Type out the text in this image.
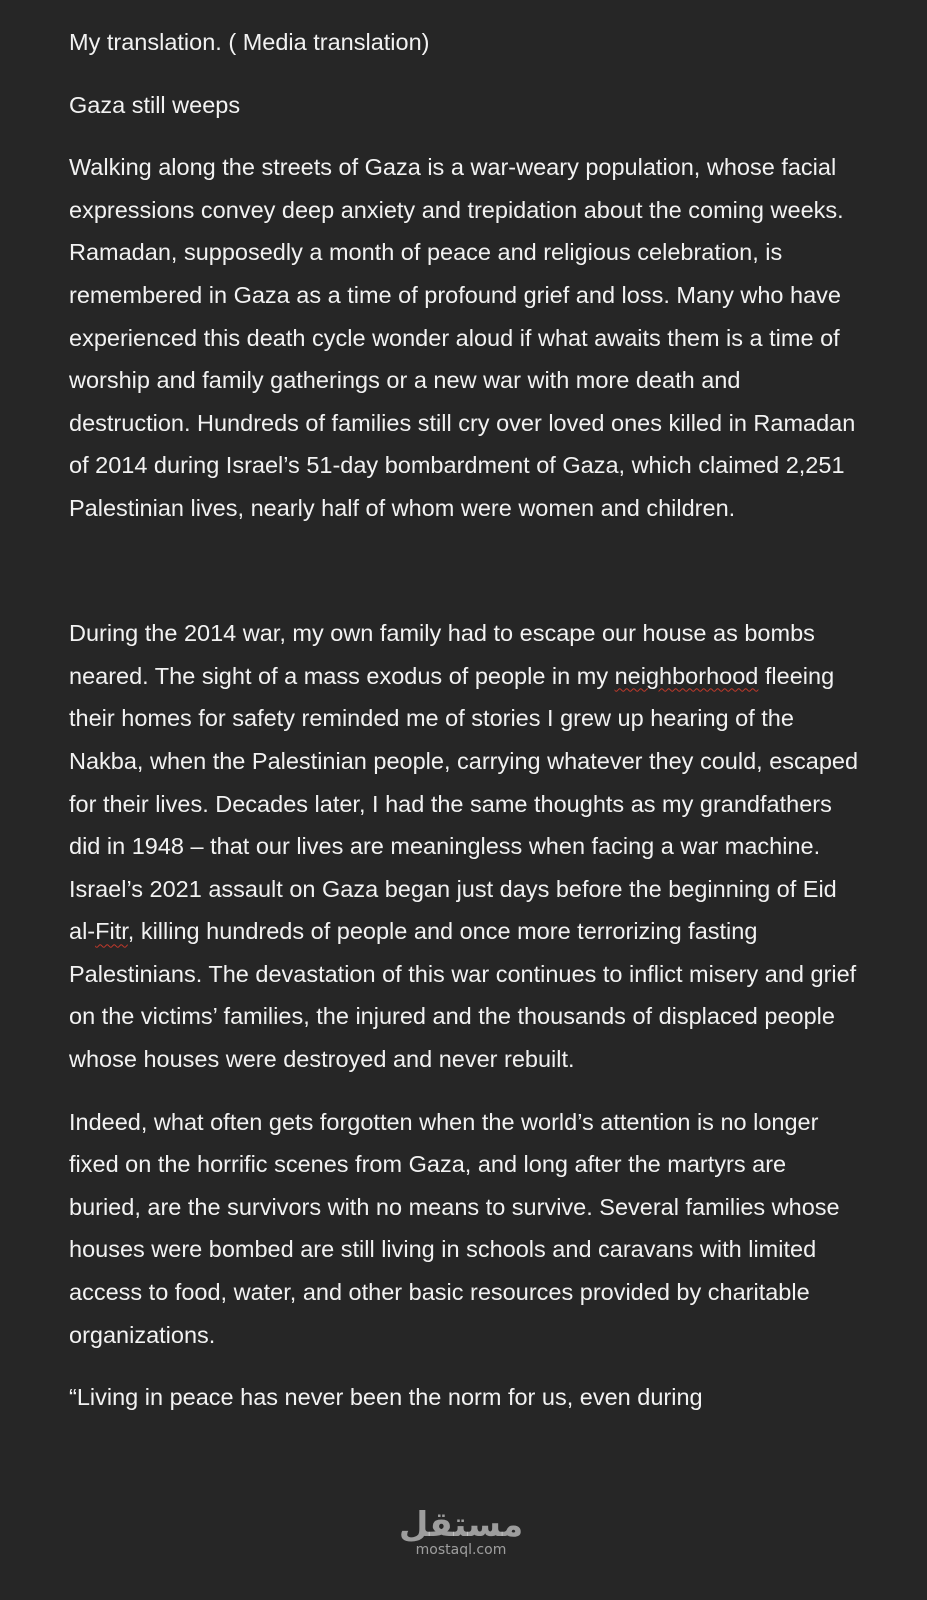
My translation. ( Media translation)

Gaza still weeps

Walking along the streets of Gaza is a war-weary population, whose facial expressions convey deep anxiety and trepidation about the coming weeks. Ramadan, supposedly a month of peace and religious celebration, is remembered in Gaza as a time of profound grief and loss. Many who have experienced this death cycle wonder aloud if what awaits them is a time of worship and family gatherings or a new war with more death and destruction. Hundreds of families still cry over loved ones killed in Ramadan of 2014 during Israel’s 51-day bombardment of Gaza, which claimed 2,251 Palestinian lives, nearly half of whom were women and children.

During the 2014 war, my own family had to escape our house as bombs neared. The sight of a mass exodus of people in my neighborhood fleeing their homes for safety reminded me of stories I grew up hearing of the Nakba, when the Palestinian people, carrying whatever they could, escaped for their lives. Decades later, I had the same thoughts as my grandfathers did in 1948 – that our lives are meaningless when facing a war machine. Israel’s 2021 assault on Gaza began just days before the beginning of Eid al-Fitr, killing hundreds of people and once more terrorizing fasting Palestinians. The devastation of this war continues to inflict misery and grief on the victims’ families, the injured and the thousands of displaced people whose houses were destroyed and never rebuilt.

Indeed, what often gets forgotten when the world’s attention is no longer fixed on the horrific scenes from Gaza, and long after the martyrs are buried, are the survivors with no means to survive. Several families whose houses were bombed are still living in schools and caravans with limited access to food, water, and other basic resources provided by charitable organizations.

“Living in peace has never been the norm for us, even during

مستقل
mostaql.com
